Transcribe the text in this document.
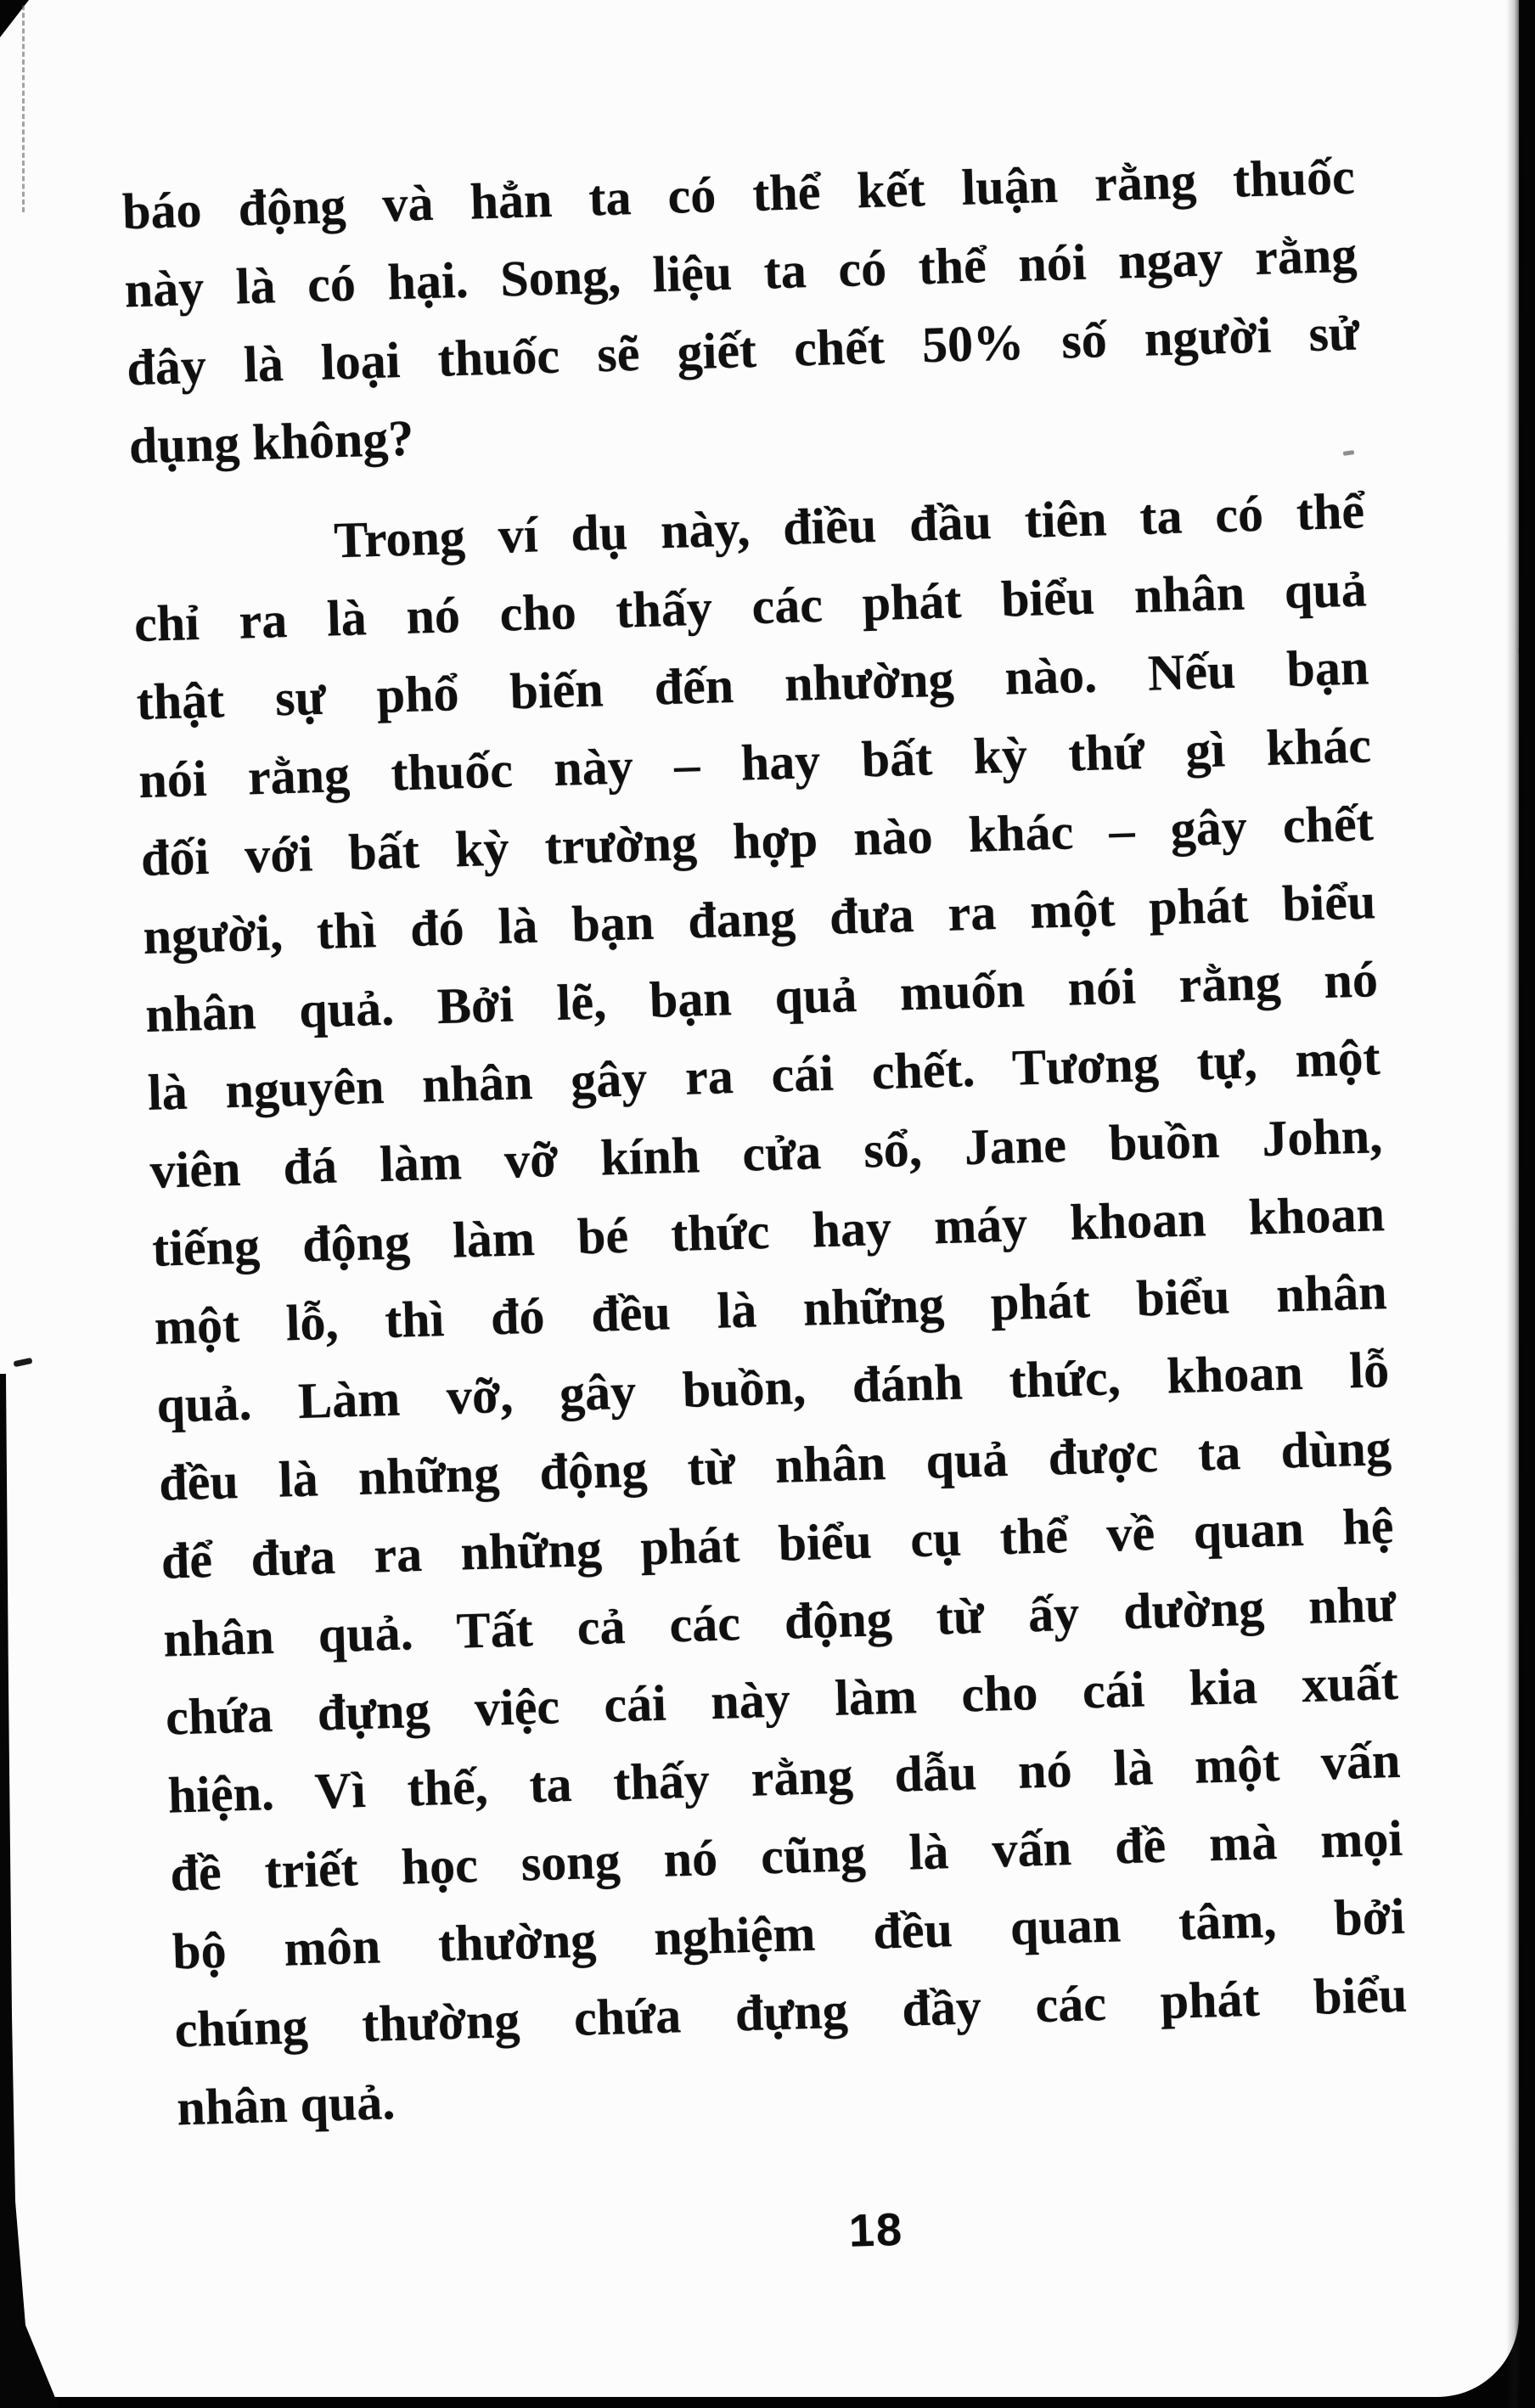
báo động và hẳn ta có thể kết luận rằng thuốc

này là có hại. Song, liệu ta có thể nói ngay rằng

đây là loại thuốc sẽ giết chết 50% số người sử

dụng không?

Trong ví dụ này, điều đầu tiên ta có thể

chỉ ra là nó cho thấy các phát biểu nhân quả

thật sự phổ biến đến nhường nào. Nếu bạn

nói rằng thuốc này – hay bất kỳ thứ gì khác

đối với bất kỳ trường hợp nào khác – gây chết

người, thì đó là bạn đang đưa ra một phát biểu

nhân quả. Bởi lẽ, bạn quả muốn nói rằng nó

là nguyên nhân gây ra cái chết. Tương tự, một

viên đá làm vỡ kính cửa sổ, Jane buồn John,

tiếng động làm bé thức hay máy khoan khoan

một lỗ, thì đó đều là những phát biểu nhân

quả. Làm vỡ, gây buồn, đánh thức, khoan lỗ

đều là những động từ nhân quả được ta dùng

để đưa ra những phát biểu cụ thể về quan hệ

nhân quả. Tất cả các động từ ấy dường như

chứa đựng việc cái này làm cho cái kia xuất

hiện. Vì thế, ta thấy rằng dẫu nó là một vấn

đề triết học song nó cũng là vấn đề mà mọi

bộ môn thường nghiệm đều quan tâm, bởi

chúng thường chứa đựng đầy các phát biểu

nhân quả.

18
